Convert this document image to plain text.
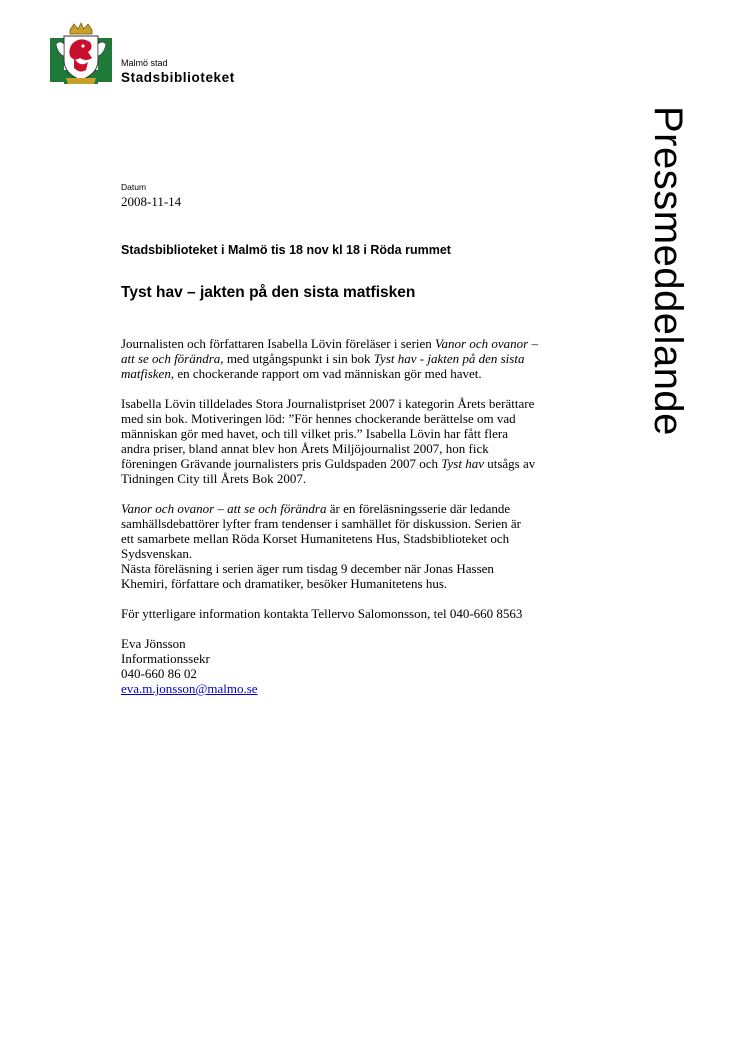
Malmö stad
Stadsbiblioteket
Pressmeddelande
Datum
2008-11-14
Stadsbiblioteket i Malmö tis 18 nov kl 18 i Röda rummet
Tyst hav – jakten på den sista matfisken

Journalisten och författaren Isabella Lövin föreläser i serien Vanor och ovanor –
att se och förändra, med utgångspunkt i sin bok Tyst hav - jakten på den sista
matfisken, en chockerande rapport om vad människan gör med havet.

Isabella Lövin tilldelades Stora Journalistpriset 2007 i kategorin Årets berättare
med sin bok. Motiveringen löd: ”För hennes chockerande berättelse om vad
människan gör med havet, och till vilket pris.” Isabella Lövin har fått flera
andra priser, bland annat blev hon Årets Miljöjournalist 2007, hon fick
föreningen Grävande journalisters pris Guldspaden 2007 och Tyst hav utsågs av
Tidningen City till Årets Bok 2007.

Vanor och ovanor – att se och förändra är en föreläsningsserie där ledande
samhällsdebattörer lyfter fram tendenser i samhället för diskussion. Serien är
ett samarbete mellan Röda Korset Humanitetens Hus, Stadsbiblioteket och
Sydsvenskan.
Nästa föreläsning i serien äger rum tisdag 9 december när Jonas Hassen
Khemiri, författare och dramatiker, besöker Humanitetens hus.

För ytterligare information kontakta Tellervo Salomonsson, tel 040-660 8563

Eva Jönsson
Informationssekr
040-660 86 02
eva.m.jonsson@malmo.se
